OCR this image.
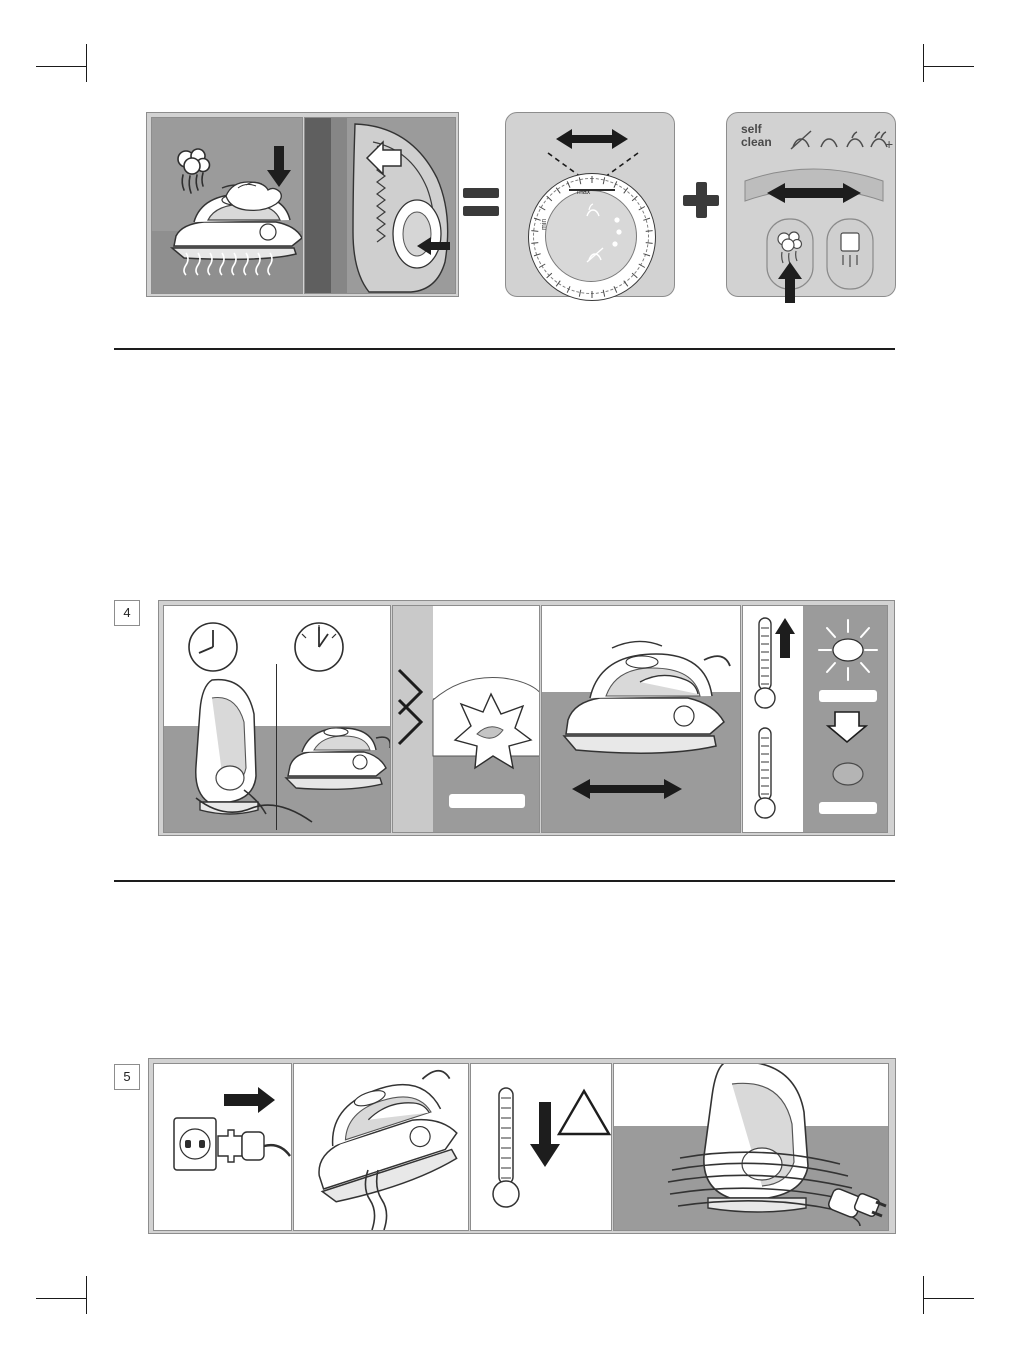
min
max
self
clean	+
4
5
